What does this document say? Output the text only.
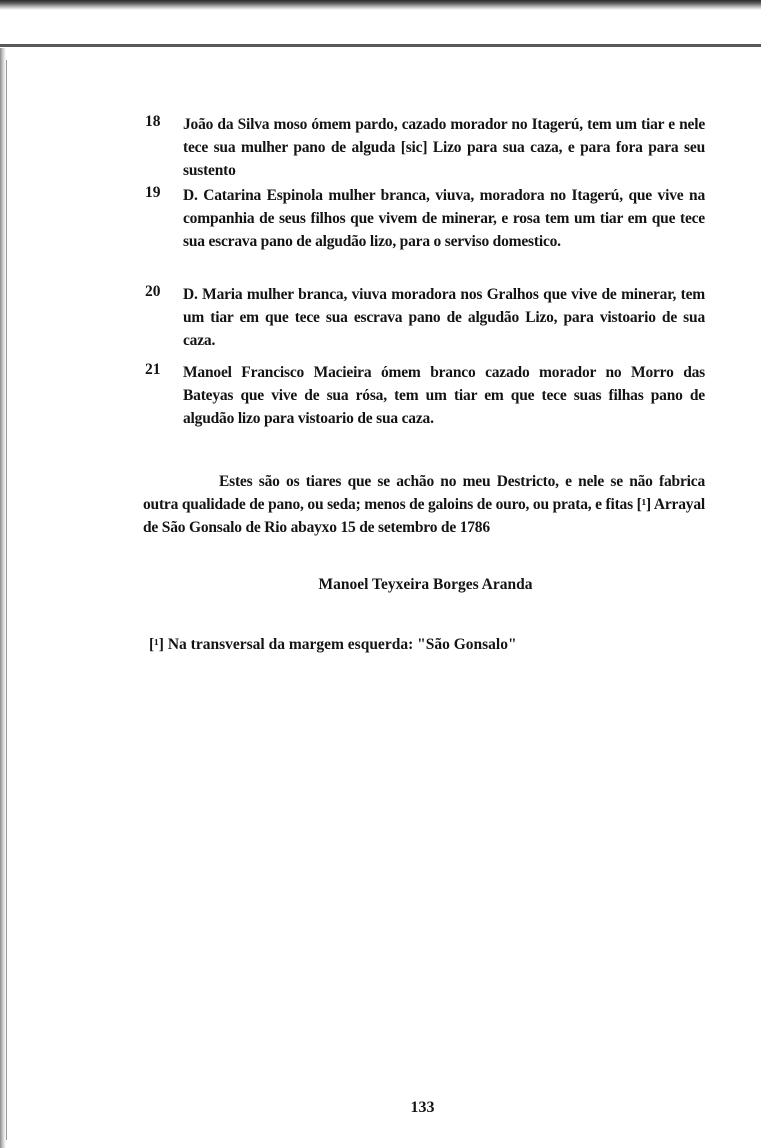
18	João da Silva moso ómem pardo, cazado morador no Itagerú, tem um tiar e nele tece sua mulher pano de alguda [sic] Lizo para sua caza, e para fora para seu sustento
19	D. Catarina Espinola mulher branca, viuva, moradora no Itagerú, que vive na companhia de seus filhos que vivem de minerar, e rosa tem um tiar em que tece sua escrava pano de algudão lizo, para o serviso domestico.
20	D. Maria mulher branca, viuva moradora nos Gralhos que vive de minerar, tem um tiar em que tece sua escrava pano de algudão Lizo, para vistoario de sua caza.
21	Manoel Francisco Macieira ómem branco cazado morador no Morro das Bateyas que vive de sua rósa, tem um tiar em que tece suas filhas pano de algudão lizo para vistoario de sua caza.
Estes são os tiares que se achão no meu Destricto, e nele se não fabrica outra qualidade de pano, ou seda; menos de galoins de ouro, ou prata, e fitas [¹] Arrayal de São Gonsalo de Rio abayxo 15 de setembro de 1786
Manoel Teyxeira Borges Aranda
[¹] Na transversal da margem esquerda: "São Gonsalo"
133
